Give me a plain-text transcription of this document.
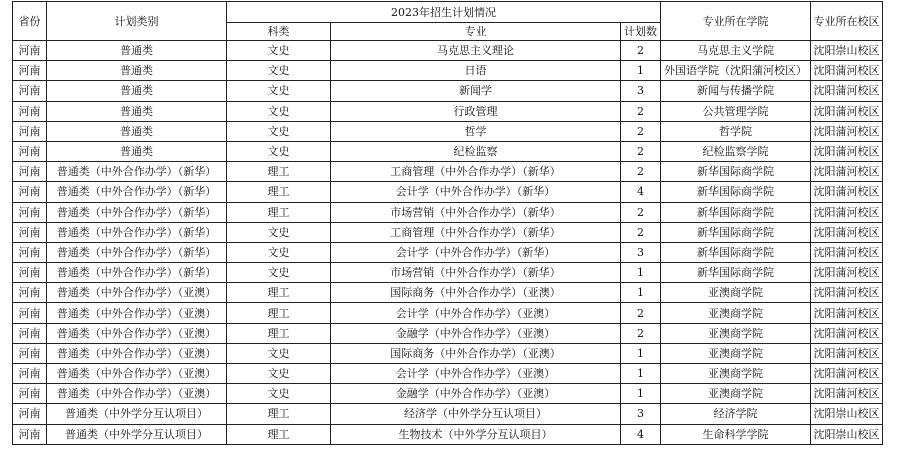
省份	计划类别	2023年招生计划情况			专业所在学院	专业所在校区
		科类	专业	计划数		
河南	普通类	文史	马克思主义理论	2	马克思主义学院	沈阳崇山校区
河南	普通类	文史	日语	1	外国语学院（沈阳蒲河校区）	沈阳蒲河校区
河南	普通类	文史	新闻学	3	新闻与传播学院	沈阳蒲河校区
河南	普通类	文史	行政管理	2	公共管理学院	沈阳蒲河校区
河南	普通类	文史	哲学	2	哲学院	沈阳蒲河校区
河南	普通类	文史	纪检监察	2	纪检监察学院	沈阳蒲河校区
河南	普通类（中外合作办学）（新华）	理工	工商管理（中外合作办学）（新华）	2	新华国际商学院	沈阳蒲河校区
河南	普通类（中外合作办学）（新华）	理工	会计学（中外合作办学）（新华）	4	新华国际商学院	沈阳蒲河校区
河南	普通类（中外合作办学）（新华）	理工	市场营销（中外合作办学）（新华）	2	新华国际商学院	沈阳蒲河校区
河南	普通类（中外合作办学）（新华）	文史	工商管理（中外合作办学）（新华）	2	新华国际商学院	沈阳蒲河校区
河南	普通类（中外合作办学）（新华）	文史	会计学（中外合作办学）（新华）	3	新华国际商学院	沈阳蒲河校区
河南	普通类（中外合作办学）（新华）	文史	市场营销（中外合作办学）（新华）	1	新华国际商学院	沈阳蒲河校区
河南	普通类（中外合作办学）（亚澳）	理工	国际商务（中外合作办学）（亚澳）	1	亚澳商学院	沈阳蒲河校区
河南	普通类（中外合作办学）（亚澳）	理工	会计学（中外合作办学）（亚澳）	2	亚澳商学院	沈阳蒲河校区
河南	普通类（中外合作办学）（亚澳）	理工	金融学（中外合作办学）（亚澳）	2	亚澳商学院	沈阳蒲河校区
河南	普通类（中外合作办学）（亚澳）	文史	国际商务（中外合作办学）（亚澳）	1	亚澳商学院	沈阳蒲河校区
河南	普通类（中外合作办学）（亚澳）	文史	会计学（中外合作办学）（亚澳）	1	亚澳商学院	沈阳蒲河校区
河南	普通类（中外合作办学）（亚澳）	文史	金融学（中外合作办学）（亚澳）	1	亚澳商学院	沈阳蒲河校区
河南	普通类（中外学分互认项目）	理工	经济学（中外学分互认项目）	3	经济学院	沈阳崇山校区
河南	普通类（中外学分互认项目）	理工	生物技术（中外学分互认项目）	4	生命科学学院	沈阳崇山校区
